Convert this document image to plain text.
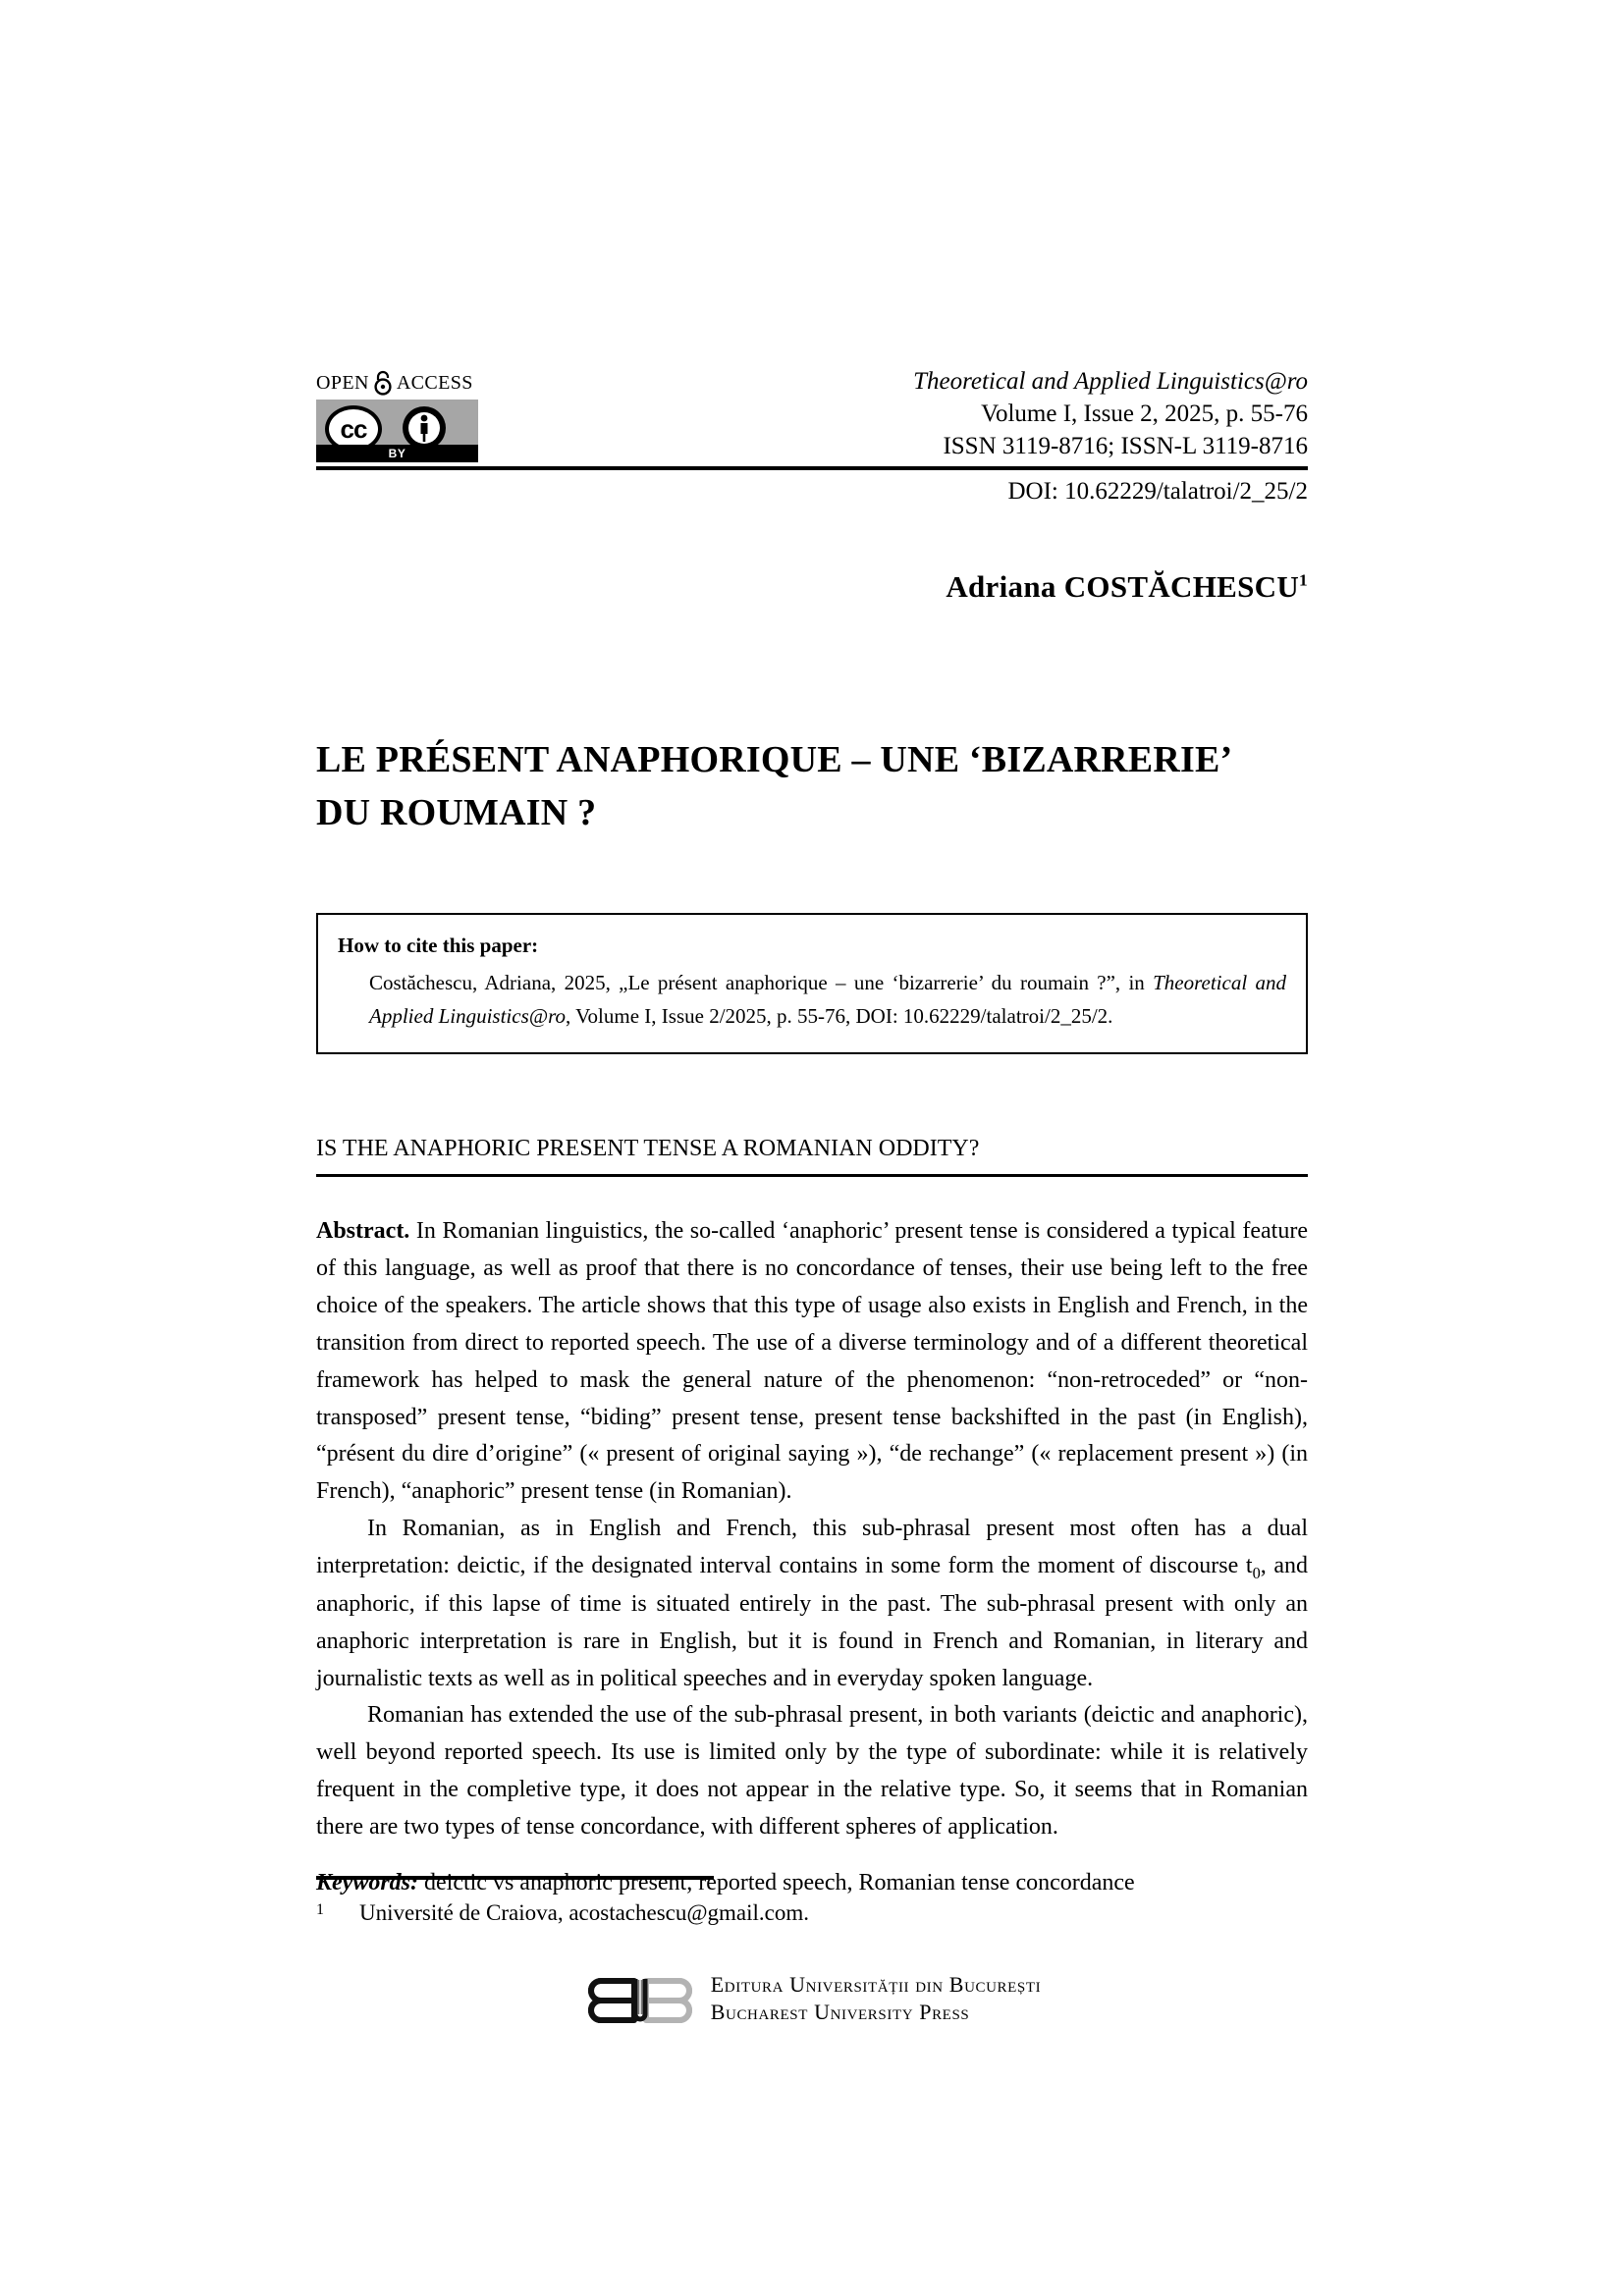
OPEN ACCESS
cc
BY
Theoretical and Applied Linguistics@ro
Volume I, Issue 2, 2025, p. 55-76
ISSN 3119-8716; ISSN-L 3119-8716
DOI: 10.62229/talatroi/2_25/2
Adriana COSTĂCHESCU$^1$
LE PRÉSENT ANAPHORIQUE – UNE ‘BIZARRERIE’
DU ROUMAIN ?
How to cite this paper:
Costăchescu, Adriana, 2025, „Le présent anaphorique – une ‘bizarrerie’ du roumain ?”, in Theoretical and Applied Linguistics@ro, Volume I, Issue 2/2025, p. 55-76, DOI: 10.62229/talatroi/2_25/2.
IS THE ANAPHORIC PRESENT TENSE A ROMANIAN ODDITY?

Abstract. In Romanian linguistics, the so-called ‘anaphoric’ present tense is considered a typical feature of this language, as well as proof that there is no concordance of tenses, their use being left to the free choice of the speakers. The article shows that this type of usage also exists in English and French, in the transition from direct to reported speech. The use of a diverse terminology and of a different theoretical framework has helped to mask the general nature of the phenomenon: “non-retroceded” or “non-transposed” present tense, “biding” present tense, present tense backshifted in the past (in English), “présent du dire d’origine” (« present of original saying »), “de rechange” (« replacement present ») (in French), “anaphoric” present tense (in Romanian).

In Romanian, as in English and French, this sub-phrasal present most often has a dual interpretation: deictic, if the designated interval contains in some form the moment of discourse $t_0$, and anaphoric, if this lapse of time is situated entirely in the past. The sub-phrasal present with only an anaphoric interpretation is rare in English, but it is found in French and Romanian, in literary and journalistic texts as well as in political speeches and in everyday spoken language.

Romanian has extended the use of the sub-phrasal present, in both variants (deictic and anaphoric), well beyond reported speech. Its use is limited only by the type of subordinate: while it is relatively frequent in the completive type, it does not appear in the relative type. So, it seems that in Romanian there are two types of tense concordance, with different spheres of application.

Keywords: deictic vs anaphoric present, reported speech, Romanian tense concordance

1	Université de Craiova, acostachescu@gmail.com.
Editura Universității din București
Bucharest University Press
